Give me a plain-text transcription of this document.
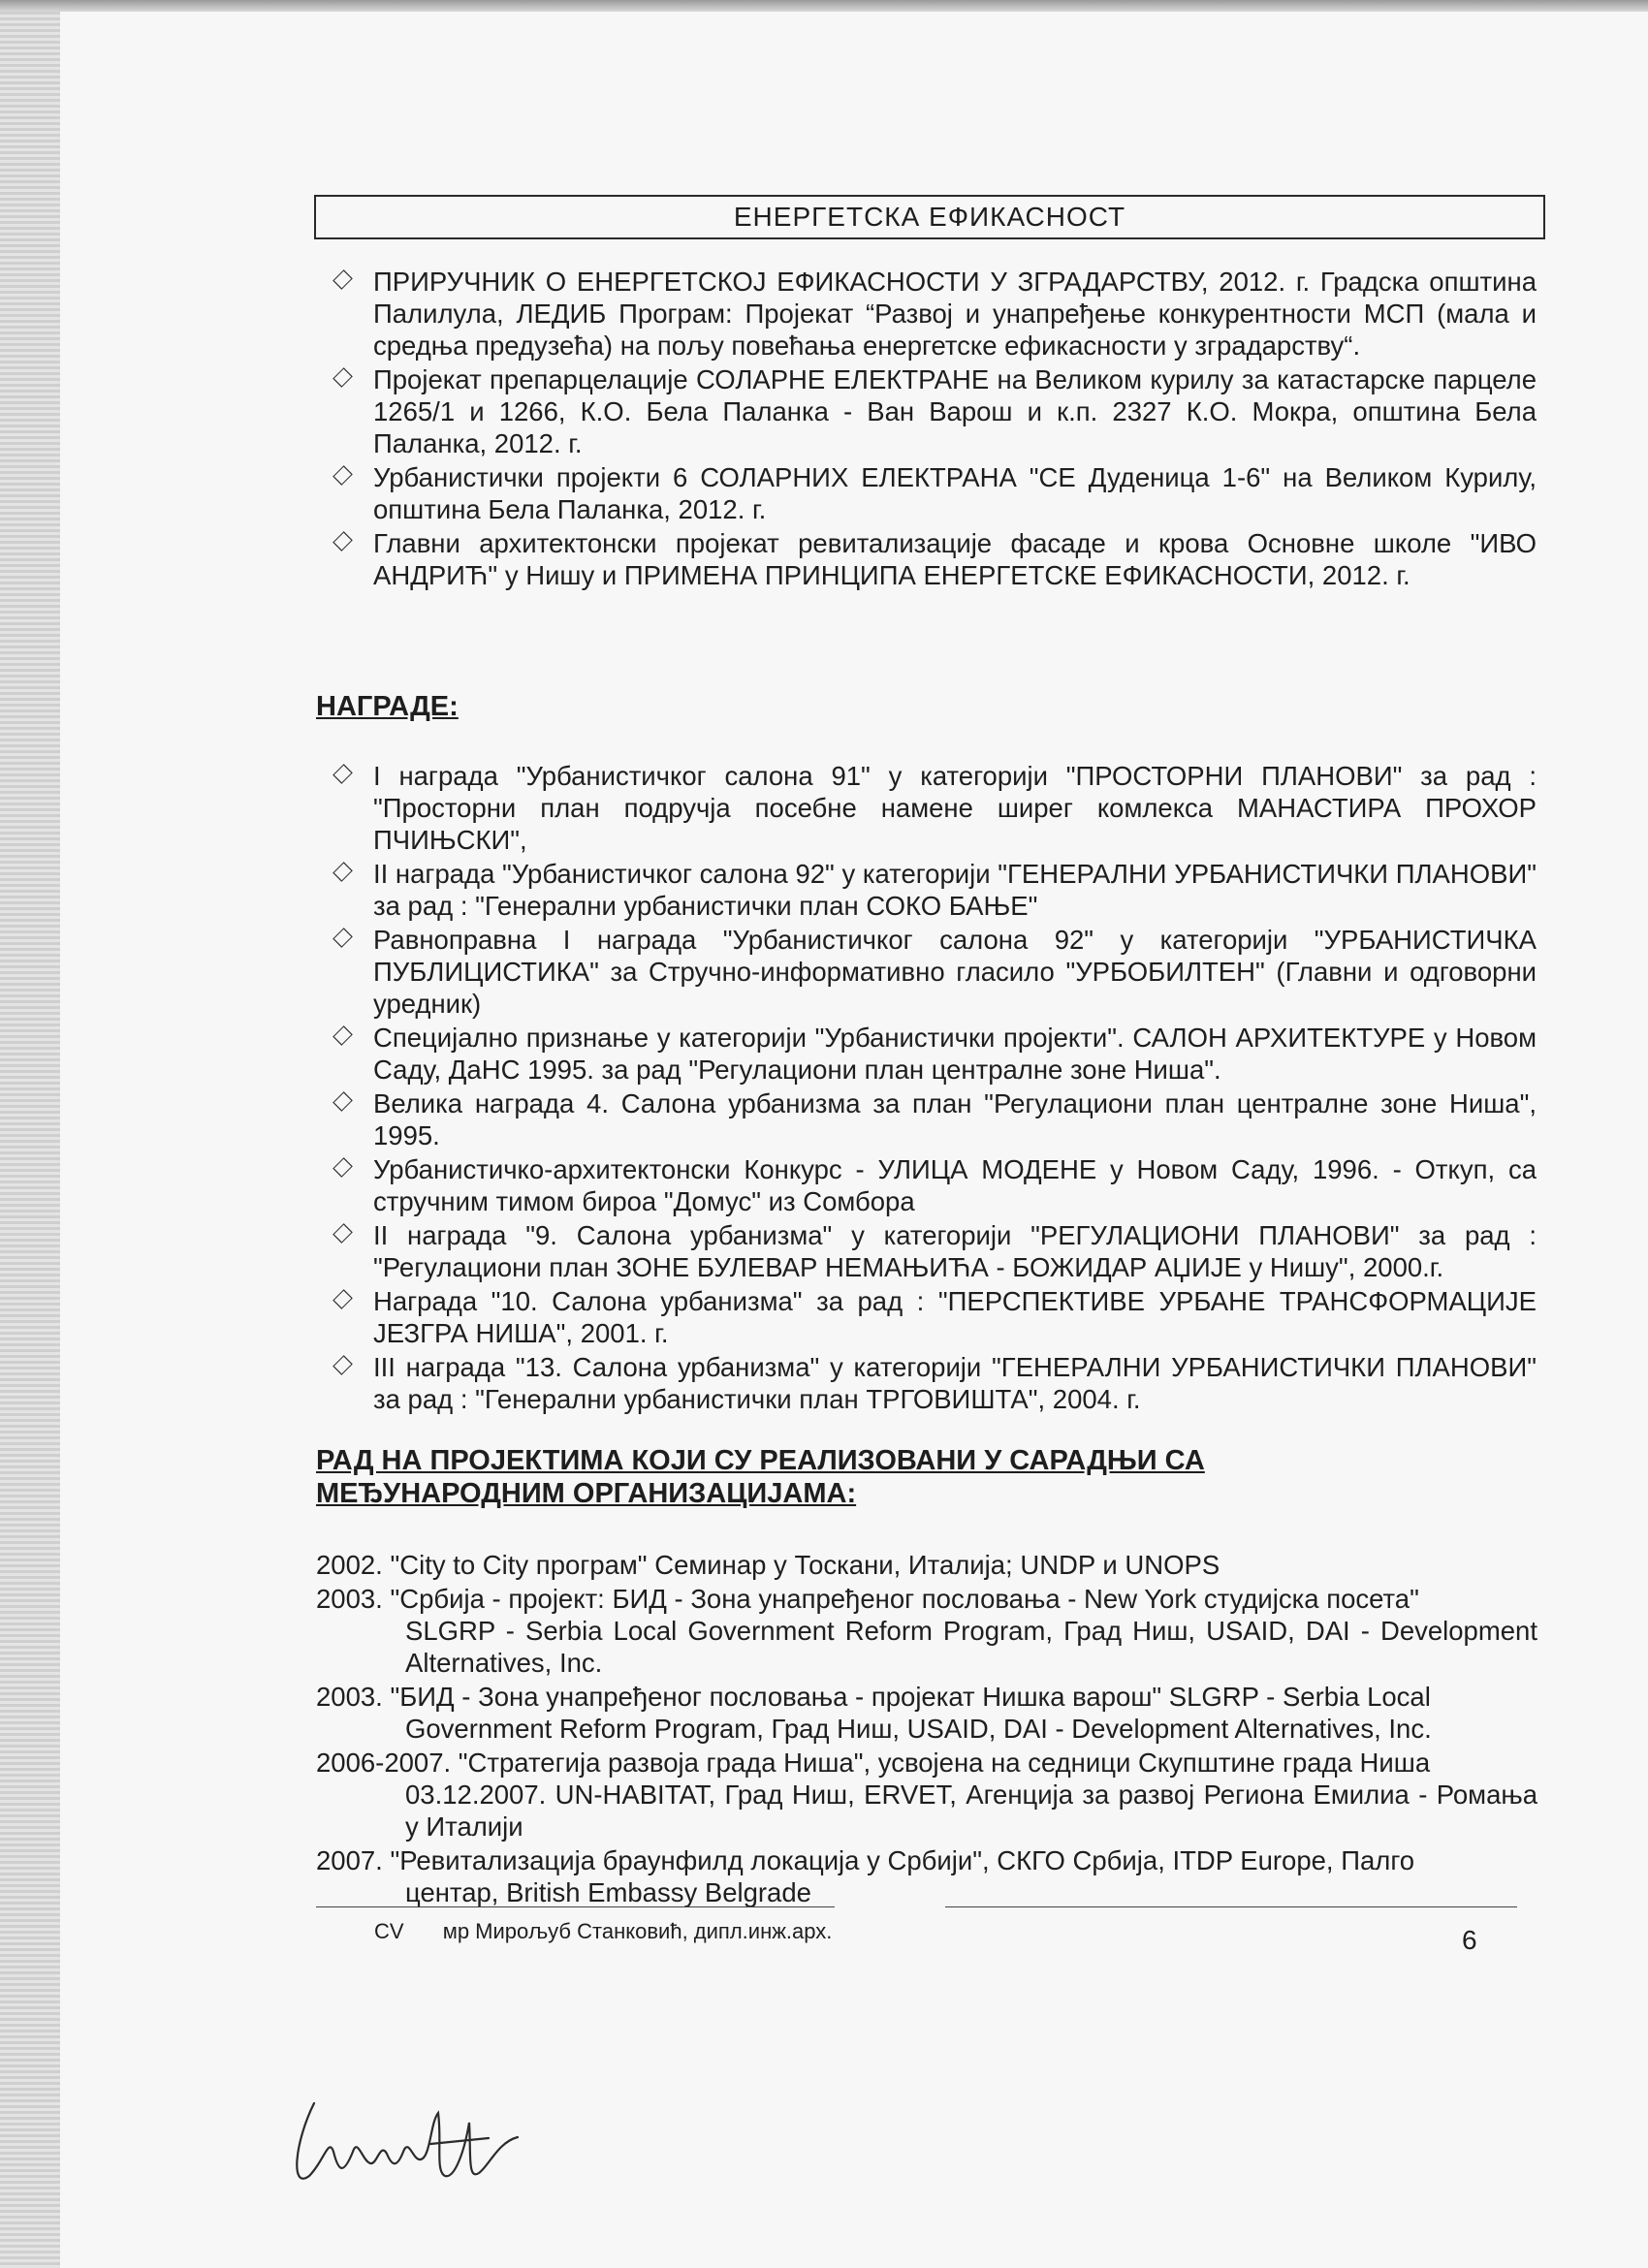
ЕНЕРГЕТСКА ЕФИКАСНОСТ
ПРИРУЧНИК О ЕНЕРГЕТСКОЈ ЕФИКАСНОСТИ У ЗГРАДАРСТВУ, 2012. г. Градска општина Палилула, ЛЕДИБ Програм: Пројекат “Развој и унапређење конкурентности МСП (мала и средња предузећа) на пољу повећања енергетске ефикасности у зградарству“.
Пројекат препарцелације СОЛАРНЕ ЕЛЕКТРАНЕ на Великом курилу за катастарске парцеле 1265/1 и 1266, К.О. Бела Паланка - Ван Варош и к.п. 2327 К.О. Мокра, општина Бела Паланка, 2012. г.
Урбанистички пројекти 6 СОЛАРНИХ ЕЛЕКТРАНА "СЕ Дуденица 1-6" на Великом Курилу, општина Бела Паланка, 2012. г.
Главни архитектонски пројекат ревитализације фасаде и крова Основне школе "ИВО АНДРИЋ" у Нишу и ПРИМЕНА ПРИНЦИПА ЕНЕРГЕТСКЕ ЕФИКАСНОСТИ, 2012. г.
НАГРАДЕ:
I награда "Урбанистичког салона 91" у категорији "ПРОСТОРНИ ПЛАНОВИ" за рад : "Просторни план подручја посебне намене ширег комлекса МАНАСТИРА ПРОХОР ПЧИЊСКИ",
II награда "Урбанистичког салона 92" у категорији "ГЕНЕРАЛНИ УРБАНИСТИЧКИ ПЛАНОВИ" за рад : "Генерални урбанистички план СОКО БАЊЕ"
Равноправна I награда "Урбанистичког салона 92" у категорији "УРБАНИСТИЧКА ПУБЛИЦИСТИКА" за Стручно-информативно гласило "УРБОБИЛТЕН" (Главни и одговорни уредник)
Специјално признање у категорији "Урбанистички пројекти". САЛОН АРХИТЕКТУРЕ у Новом Саду, ДаНС 1995. за рад "Регулациони план централне зоне Ниша".
Велика награда 4. Салона урбанизма за план "Регулациони план централне зоне Ниша", 1995.
Урбанистичко-архитектонски Конкурс - УЛИЦА МОДЕНЕ у Новом Саду, 1996. - Откуп, са стручним тимом бироа "Домус" из Сомбора
II награда "9. Салона урбанизма" у категорији "РЕГУЛАЦИОНИ ПЛАНОВИ" за рад : "Регулациони план ЗОНЕ БУЛЕВАР НЕМАЊИЋА - БОЖИДАР АЏИЈЕ у Нишу", 2000.г.
Награда "10. Салона урбанизма" за рад : "ПЕРСПЕКТИВЕ УРБАНЕ ТРАНСФОРМАЦИЈЕ ЈЕЗГРА НИША", 2001. г.
III награда "13. Салона урбанизма" у категорији "ГЕНЕРАЛНИ УРБАНИСТИЧКИ ПЛАНОВИ" за рад : "Генерални урбанистички план ТРГОВИШТА", 2004. г.
РАД НА ПРОЈЕКТИМА КОЈИ СУ РЕАЛИЗОВАНИ У САРАДЊИ СА
МЕЂУНАРОДНИМ ОРГАНИЗАЦИЈАМА:
2002. "City to City програм" Семинар у Тоскани, Италија; UNDP и UNOPS
2003. "Србија - пројект: БИД - Зона унапређеног пословања - New York студијска посета"
SLGRP - Serbia Local Government Reform Program, Град Ниш, USAID, DAI - Development Alternatives, Inc.
2003. "БИД - Зона унапређеног пословања - пројекат Нишка варош" SLGRP - Serbia Local
Government Reform Program, Град Ниш, USAID, DAI - Development Alternatives, Inc.
2006-2007. "Стратегија развоја града Ниша", усвојена на седници Скупштине града Ниша
03.12.2007. UN-HABITAT, Град Ниш, ERVET, Агенција за развој Региона Емилиа - Ромања у Италији
2007. "Ревитализација браунфилд локација у Србији", СКГО Србија, ITDP Europe, Палго
центар, British Embassy Belgrade
CV мр Мирољуб Станковић, дипл.инж.арх.	6
